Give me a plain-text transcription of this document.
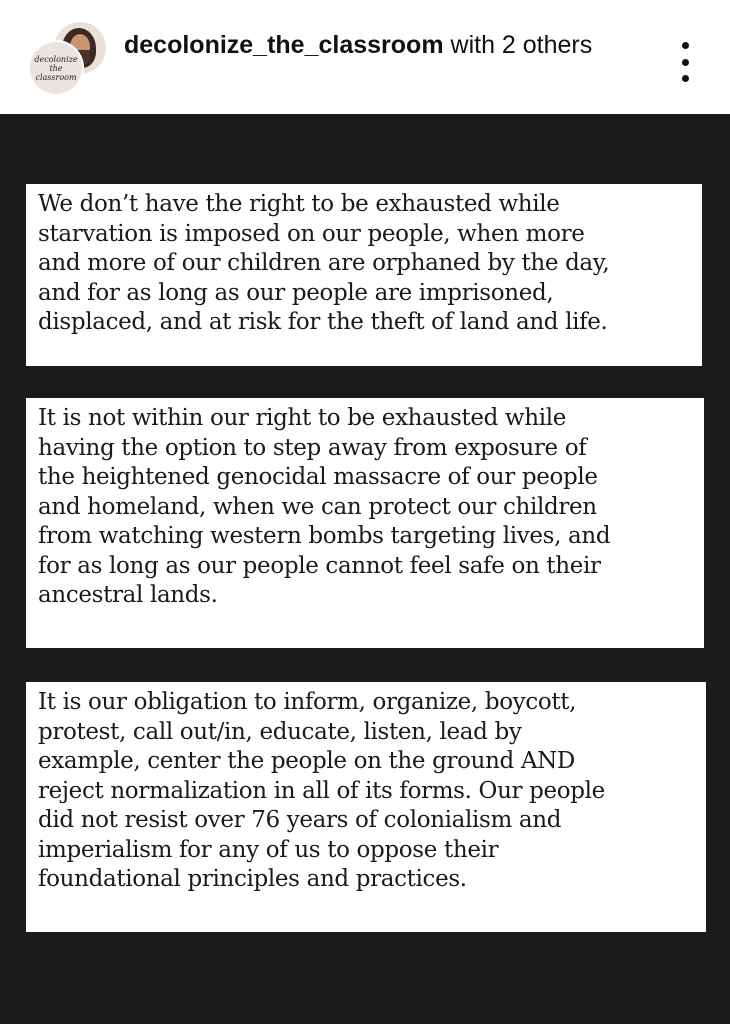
decolonize
the
classroom
decolonize_the_classroom with 2 others
We don’t have the right to be exhausted while
starvation is imposed on our people, when more
and more of our children are orphaned by the day,
and for as long as our people are imprisoned,
displaced, and at risk for the theft of land and life.
It is not within our right to be exhausted while
having the option to step away from exposure of
the heightened genocidal massacre of our people
and homeland, when we can protect our children
from watching western bombs targeting lives, and
for as long as our people cannot feel safe on their
ancestral lands.
It is our obligation to inform, organize, boycott,
protest, call out/in, educate, listen, lead by
example, center the people on the ground AND
reject normalization in all of its forms. Our people
did not resist over 76 years of colonialism and
imperialism for any of us to oppose their
foundational principles and practices.
